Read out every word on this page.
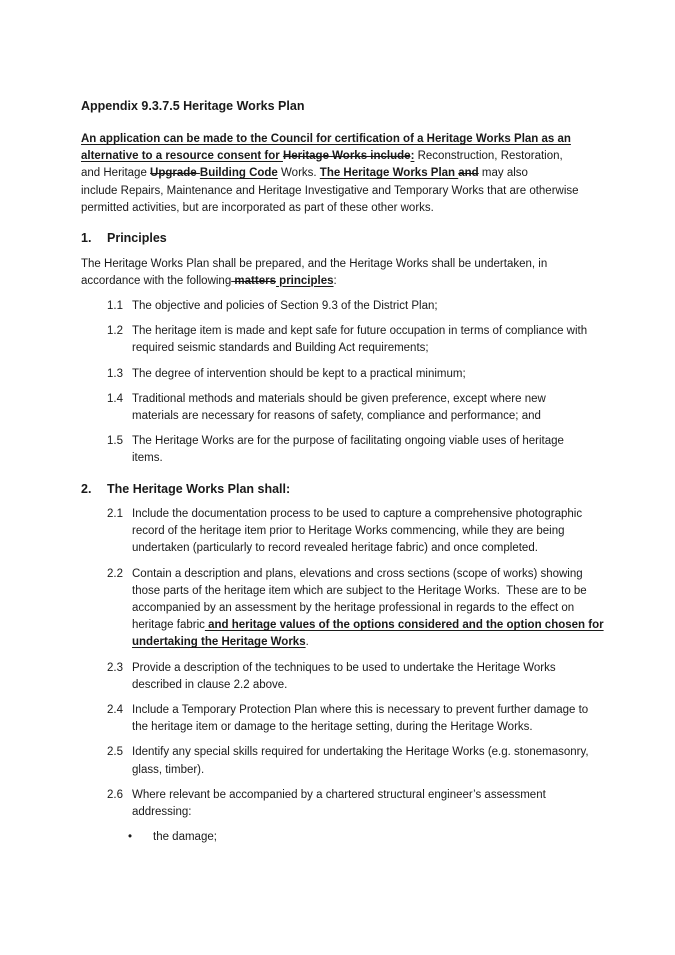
Appendix 9.3.7.5 Heritage Works Plan

An application can be made to the Council for certification of a Heritage Works Plan as an
alternative to a resource consent for Heritage Works include: Reconstruction, Restoration,
and Heritage Upgrade Building Code Works. The Heritage Works Plan and may also
include Repairs, Maintenance and Heritage Investigative and Temporary Works that are otherwise
permitted activities, but are incorporated as part of these other works.

1.	Principles

The Heritage Works Plan shall be prepared, and the Heritage Works shall be undertaken, in
accordance with the following matters principles:

1.1 The objective and policies of Section 9.3 of the District Plan;
1.2 The heritage item is made and kept safe for future occupation in terms of compliance with
required seismic standards and Building Act requirements;
1.3 The degree of intervention should be kept to a practical minimum;
1.4 Traditional methods and materials should be given preference, except where new
materials are necessary for reasons of safety, compliance and performance; and
1.5 The Heritage Works are for the purpose of facilitating ongoing viable uses of heritage
items.
2.	The Heritage Works Plan shall:
2.1 Include the documentation process to be used to capture a comprehensive photographic
record of the heritage item prior to Heritage Works commencing, while they are being
undertaken (particularly to record revealed heritage fabric) and once completed.
2.2 Contain a description and plans, elevations and cross sections (scope of works) showing
those parts of the heritage item which are subject to the Heritage Works.  These are to be
accompanied by an assessment by the heritage professional in regards to the effect on
heritage fabric and heritage values of the options considered and the option chosen for
undertaking the Heritage Works.
2.3 Provide a description of the techniques to be used to undertake the Heritage Works
described in clause 2.2 above.
2.4 Include a Temporary Protection Plan where this is necessary to prevent further damage to
the heritage item or damage to the heritage setting, during the Heritage Works.
2.5 Identify any special skills required for undertaking the Heritage Works (e.g. stonemasonry,
glass, timber).
2.6 Where relevant be accompanied by a chartered structural engineer’s assessment
addressing:
•	the damage;
